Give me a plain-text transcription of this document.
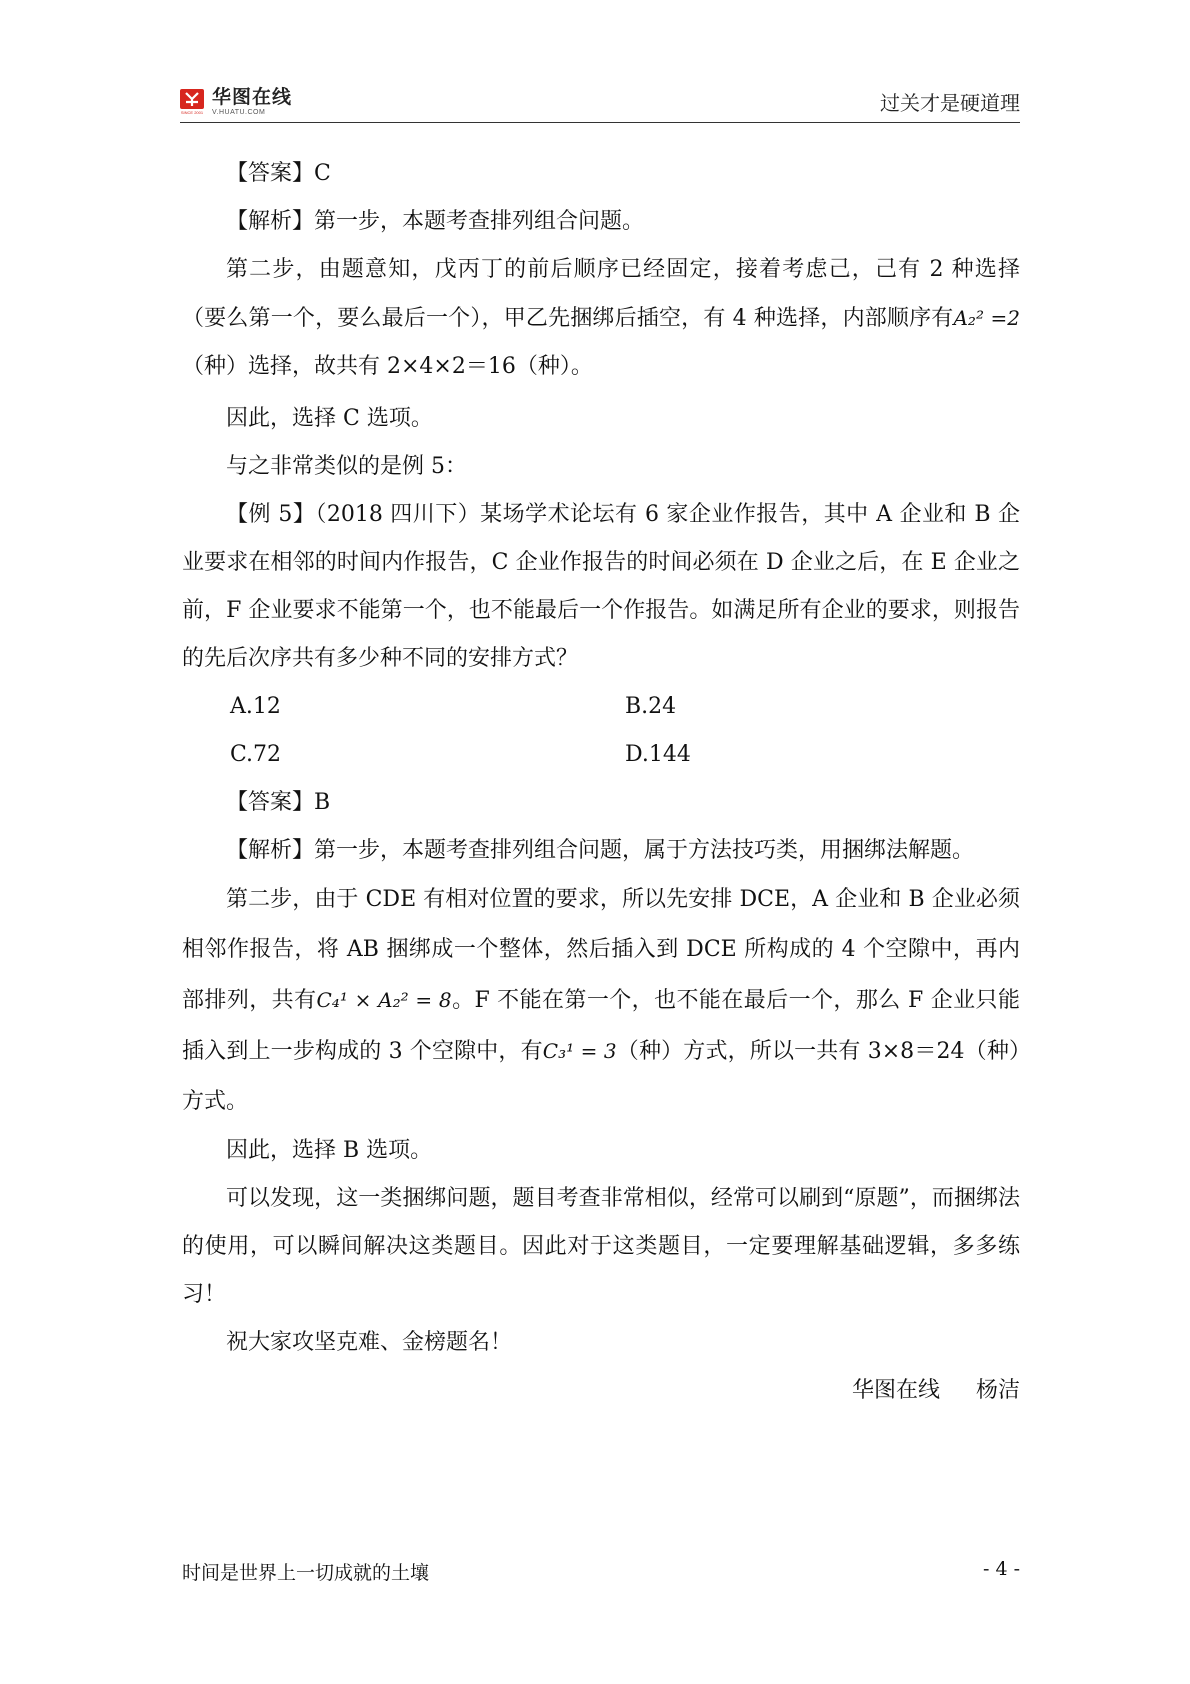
SINCE 2001
华图在线
V.HUATU.COM	过关才是硬道理

【答案】C

【解析】第一步，本题考查排列组合问题。

第二步，由题意知，戊丙丁的前后顺序已经固定，接着考虑己，己有 2 种选择（要么第一个，要么最后一个），甲乙先捆绑后插空，有 4 种选择，内部顺序有A₂² =2（种）选择，故共有 2×4×2＝16（种）。

因此，选择 C 选项。

与之非常类似的是例 5：

【例 5】（2018 四川下）某场学术论坛有 6 家企业作报告，其中 A 企业和 B 企业要求在相邻的时间内作报告，C 企业作报告的时间必须在 D 企业之后，在 E 企业之前，F 企业要求不能第一个，也不能最后一个作报告。如满足所有企业的要求，则报告的先后次序共有多少种不同的安排方式？

A.12	B.24
C.72	D.144

【答案】B

【解析】第一步，本题考查排列组合问题，属于方法技巧类，用捆绑法解题。

第二步，由于 CDE 有相对位置的要求，所以先安排 DCE，A 企业和 B 企业必须相邻作报告，将 AB 捆绑成一个整体，然后插入到 DCE 所构成的 4 个空隙中，再内部排列，共有C₄¹ × A₂² = 8。F 不能在第一个，也不能在最后一个，那么 F 企业只能插入到上一步构成的 3 个空隙中，有C₃¹ = 3（种）方式，所以一共有 3×8＝24（种）方式。

因此，选择 B 选项。

可以发现，这一类捆绑问题，题目考查非常相似，经常可以刷到“原题”，而捆绑法的使用，可以瞬间解决这类题目。因此对于这类题目，一定要理解基础逻辑，多多练习！

祝大家攻坚克难、金榜题名！

华图在线 杨洁

时间是世界上一切成就的土壤	- 4 -
